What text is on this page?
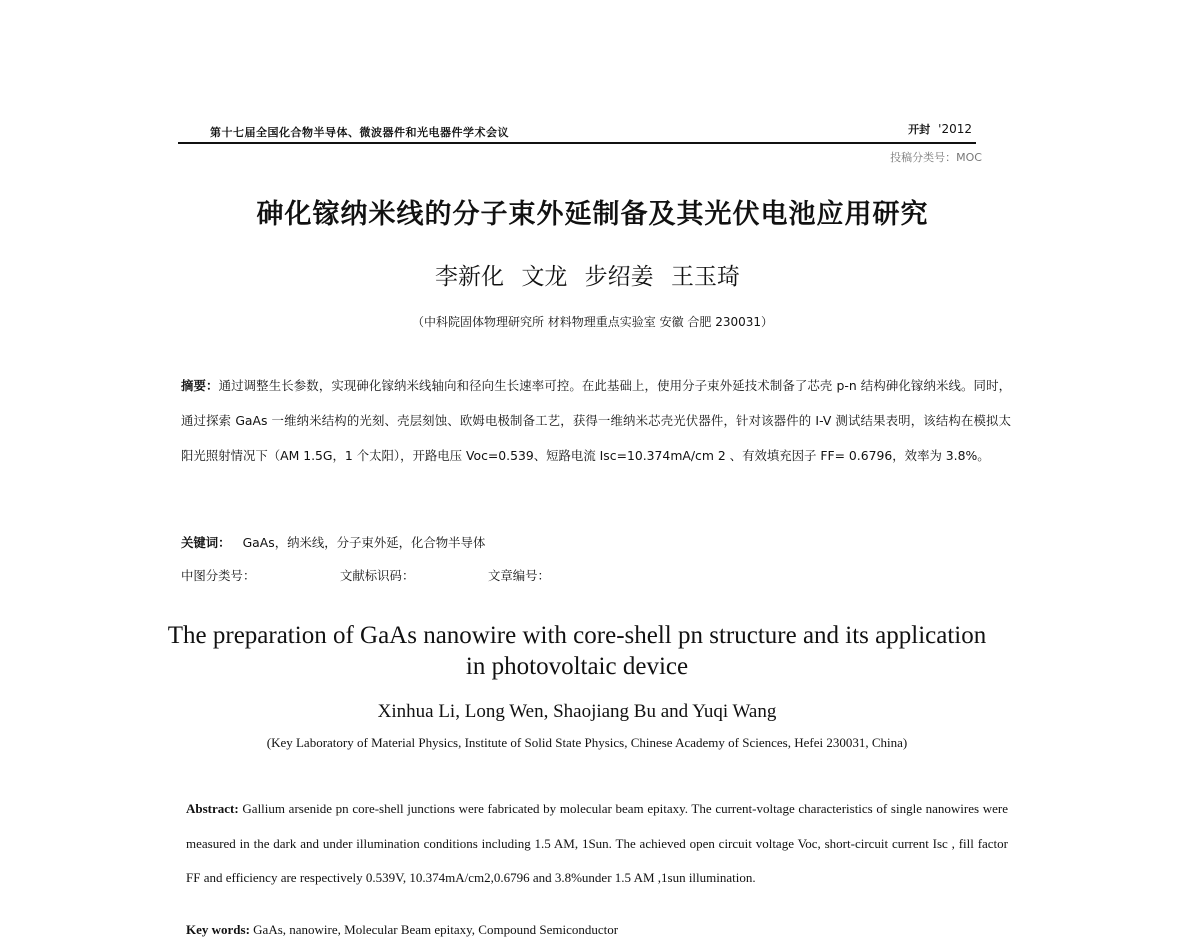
第十七届全国化合物半导体、微波器件和光电器件学术会议	开封 '2012
投稿分类号：MOC
砷化镓纳米线的分子束外延制备及其光伏电池应用研究
李新化 文龙 步绍姜 王玉琦
（中科院固体物理研究所 材料物理重点实验室 安徽 合肥 230031）
摘要：通过调整生长参数，实现砷化镓纳米线轴向和径向生长速率可控。在此基础上，使用分子束外延技术制备了芯壳 p-n 结构砷化镓纳米线。同时，通过探索 GaAs 一维纳米结构的光刻、壳层刻蚀、欧姆电极制备工艺，获得一维纳米芯壳光伏器件，针对该器件的 I-V 测试结果表明，该结构在模拟太阳光照射情况下（AM 1.5G，1 个太阳），开路电压 Voc=0.539、短路电流 Isc=10.374mA/cm 2 、有效填充因子 FF= 0.6796，效率为 3.8%。
关键词： GaAs，纳米线，分子束外延，化合物半导体
中图分类号：	文献标识码：	文章编号：
The preparation of GaAs nanowire with core-shell pn structure and its application in photovoltaic device
Xinhua Li, Long Wen, Shaojiang Bu and Yuqi Wang
(Key Laboratory of Material Physics, Institute of Solid State Physics, Chinese Academy of Sciences, Hefei 230031, China)
Abstract: Gallium arsenide pn core-shell junctions were fabricated by molecular beam epitaxy. The current-voltage characteristics of single nanowires were measured in the dark and under illumination conditions including 1.5 AM, 1Sun. The achieved open circuit voltage Voc, short-circuit current Isc , fill factor FF and efficiency are respectively 0.539V, 10.374mA/cm2,0.6796 and 3.8%under 1.5 AM ,1sun illumination.
Key words: GaAs, nanowire, Molecular Beam epitaxy, Compound Semiconductor
